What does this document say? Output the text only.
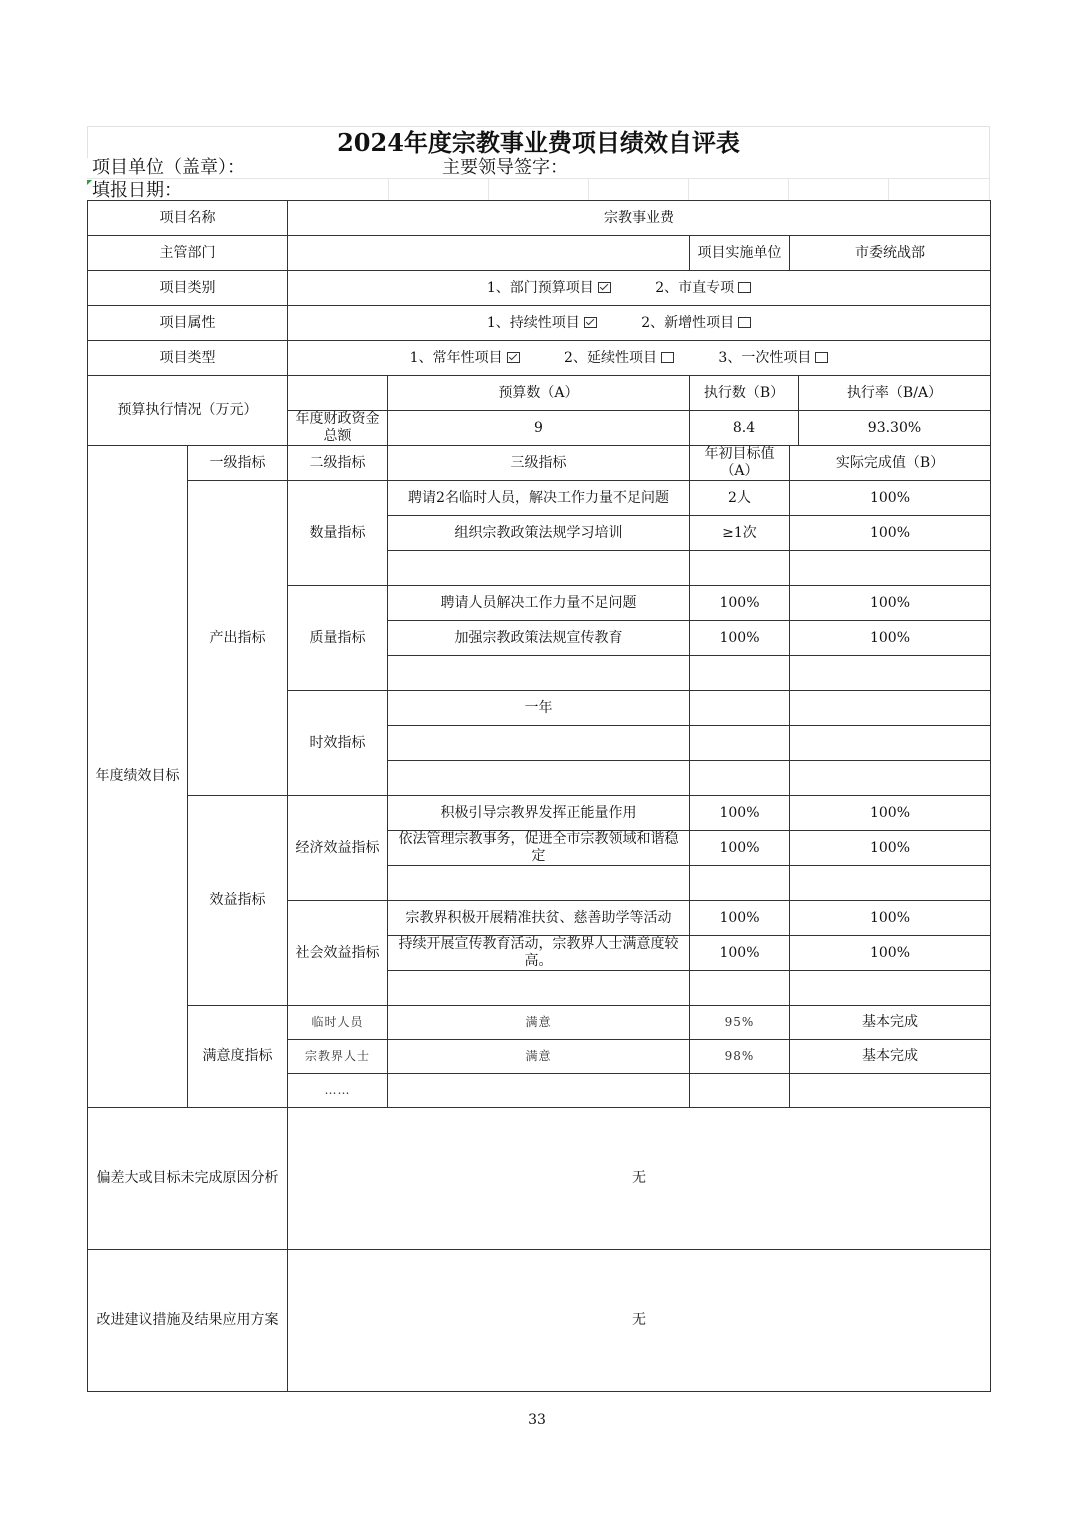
2024年度宗教事业费项目绩效自评表
项目单位（盖章）：	主要领导签字：
填报日期：
项目名称	宗教事业费
主管部门		项目实施单位	市委统战部
项目类别	1、部门预算项目	2、市直专项
项目属性	1、持续性项目	2、新增性项目
项目类型	1、常年性项目	2、延续性项目	3、一次性项目
预算执行情况（万元）		预算数（A）		执行数（B）	执行率（B/A）

年度财政资金总额	9		8.4	93.30%

年度绩效目标	一级指标	二级指标	三级指标	年初目标值（A）	实际完成值（B）
产出指标	数量指标	聘请2名临时人员，解决工作力量不足问题	2人	100%
组织宗教政策法规学习培训	≥1次	100%

质量指标	聘请人员解决工作力量不足问题	100%	100%
加强宗教政策法规宣传教育	100%	100%

时效指标	一年		

效益指标	经济效益指标	积极引导宗教界发挥正能量作用	100%	100%
依法管理宗教事务，促进全市宗教领域和谐稳定	100%	100%

社会效益指标	宗教界积极开展精准扶贫、慈善助学等活动	100%	100%
持续开展宣传教育活动，宗教界人士满意度较高。	100%	100%

满意度指标	临时人员	满意	95%	基本完成
宗教界人士	满意	98%	基本完成
……			
偏差大或目标未完成原因分析	无
改进建议措施及结果应用方案	无
33
